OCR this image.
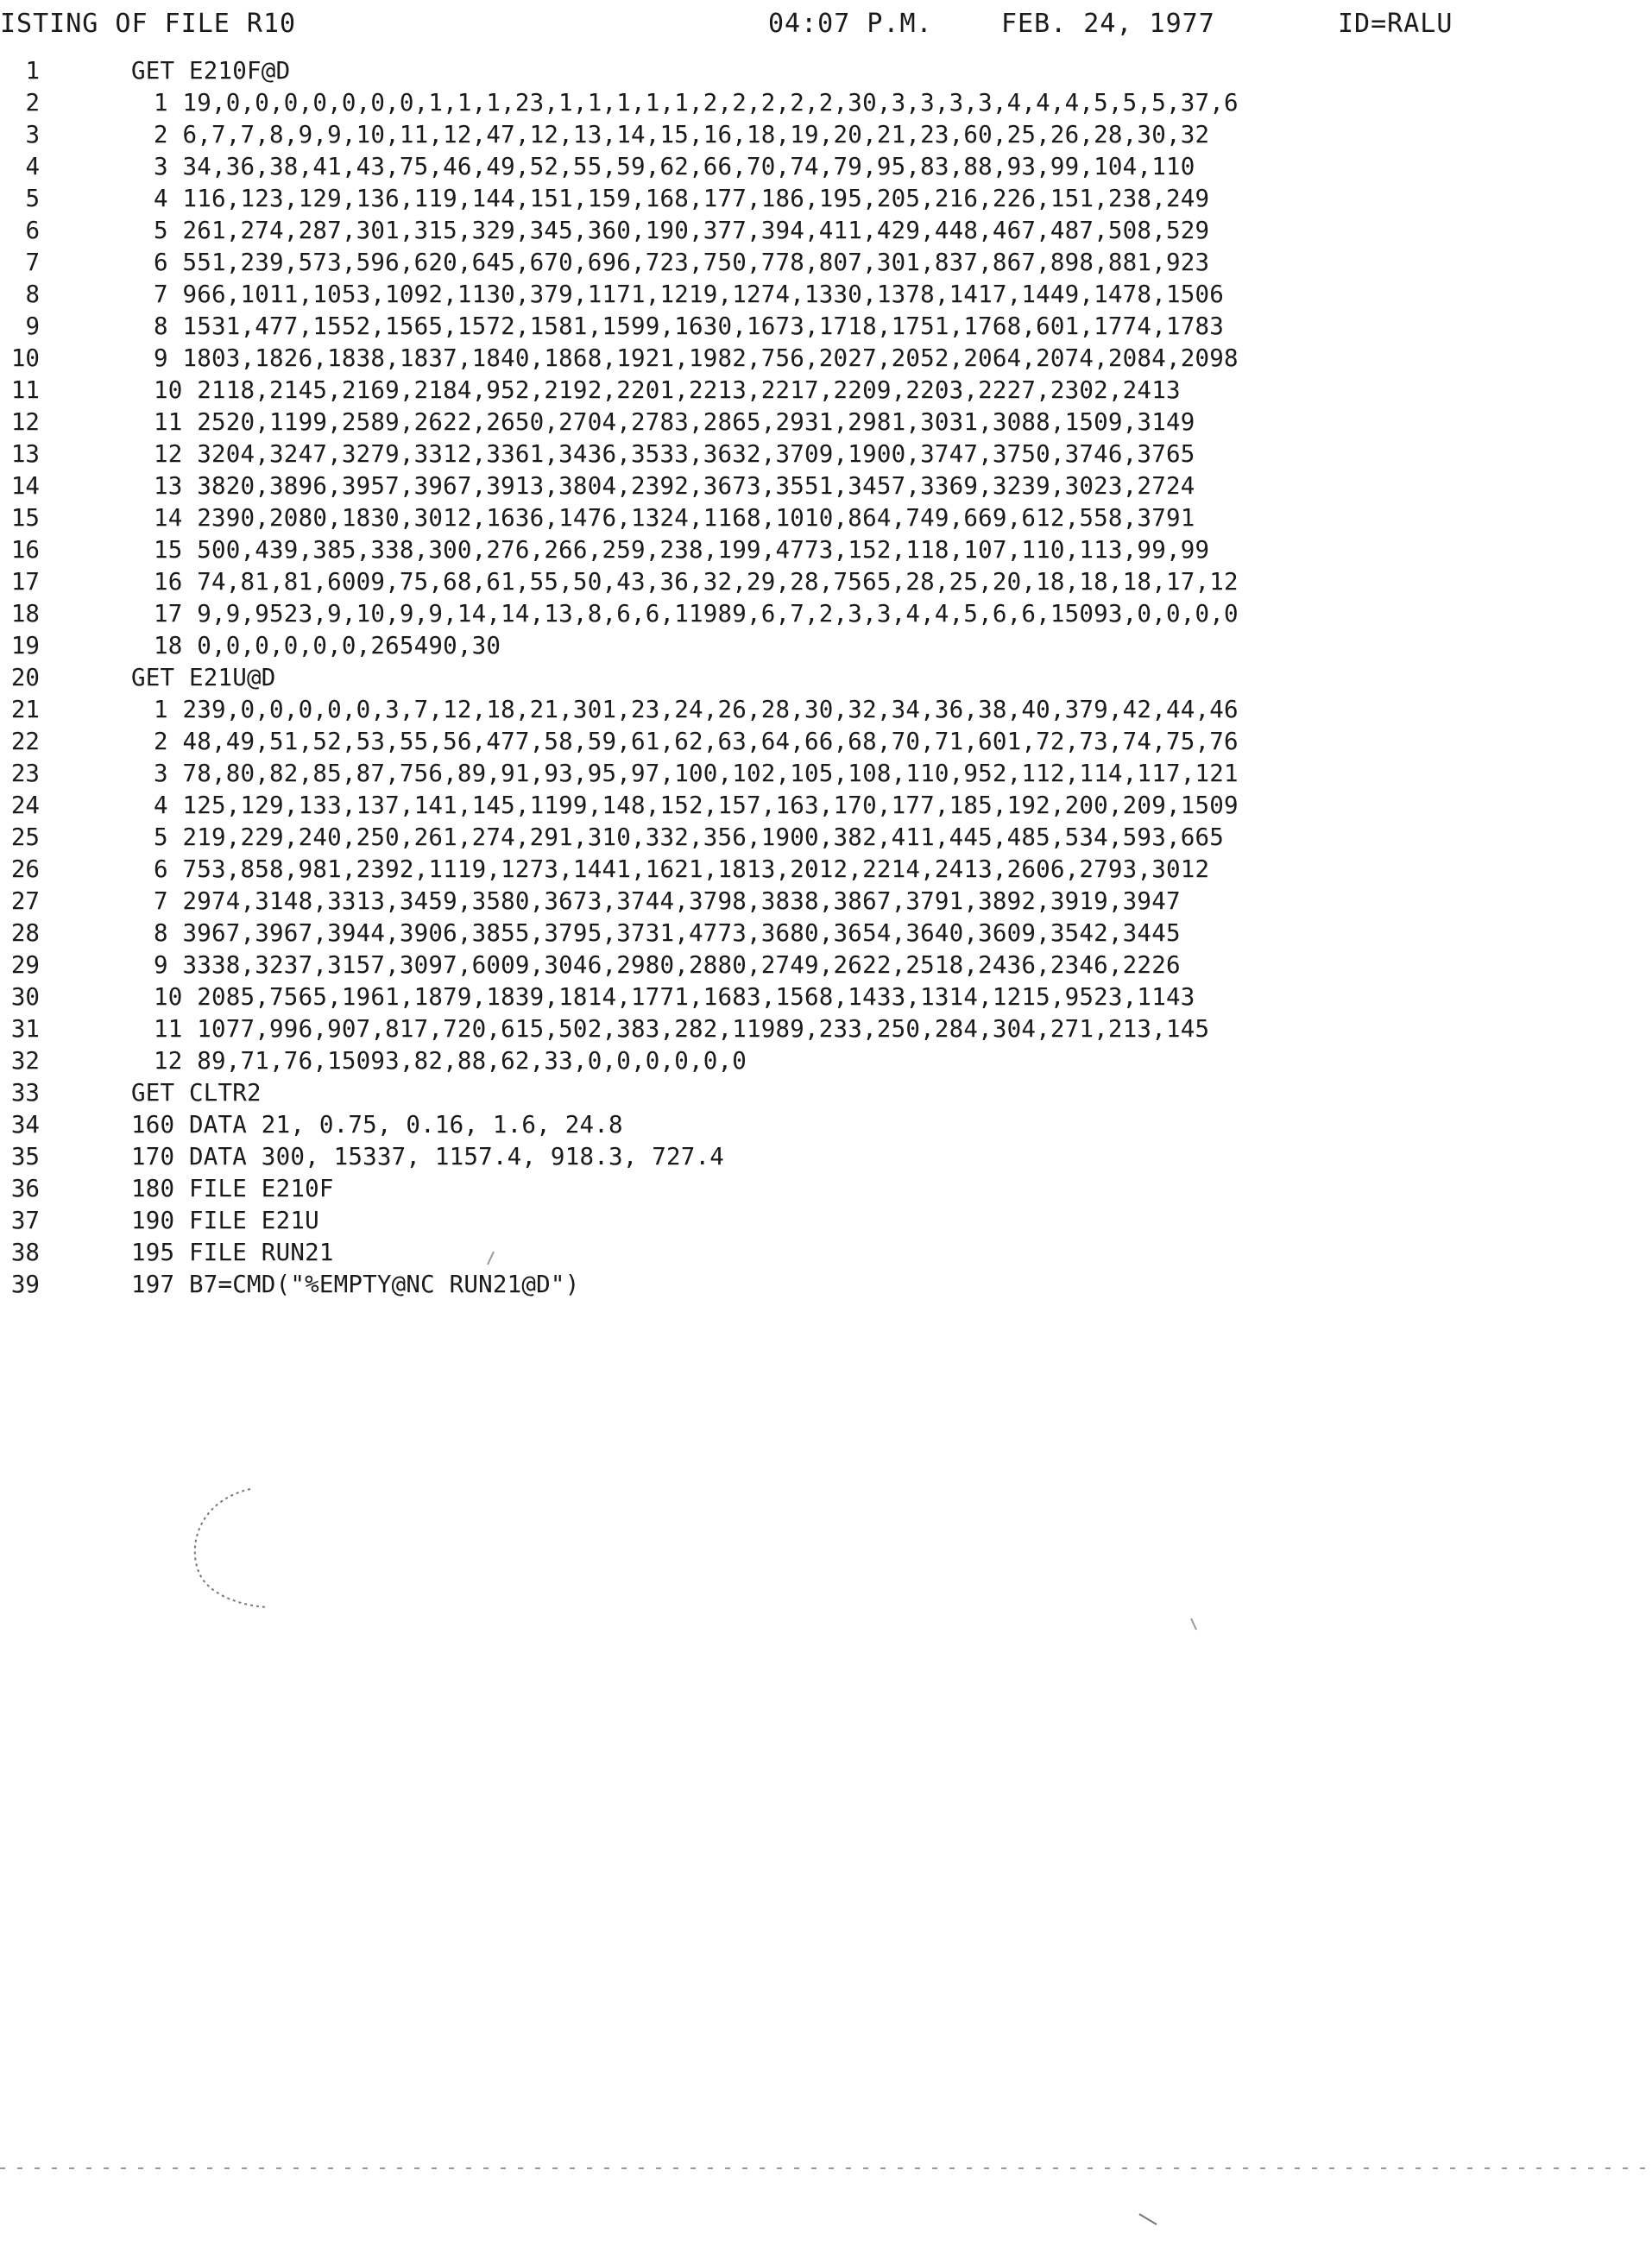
ISTING OF FILE R10

	04:07 P.M.

	FEB. 24, 1977

	ID=RALU

1	GET E210F@D
2	1 19,0,0,0,0,0,0,0,1,1,1,23,1,1,1,1,1,2,2,2,2,2,30,3,3,3,3,4,4,4,5,5,5,37,6
3	2 6,7,7,8,9,9,10,11,12,47,12,13,14,15,16,18,19,20,21,23,60,25,26,28,30,32
4	3 34,36,38,41,43,75,46,49,52,55,59,62,66,70,74,79,95,83,88,93,99,104,110
5	4 116,123,129,136,119,144,151,159,168,177,186,195,205,216,226,151,238,249
6	5 261,274,287,301,315,329,345,360,190,377,394,411,429,448,467,487,508,529
7	6 551,239,573,596,620,645,670,696,723,750,778,807,301,837,867,898,881,923
8	7 966,1011,1053,1092,1130,379,1171,1219,1274,1330,1378,1417,1449,1478,1506
9	8 1531,477,1552,1565,1572,1581,1599,1630,1673,1718,1751,1768,601,1774,1783
10	9 1803,1826,1838,1837,1840,1868,1921,1982,756,2027,2052,2064,2074,2084,2098
11	10 2118,2145,2169,2184,952,2192,2201,2213,2217,2209,2203,2227,2302,2413
12	11 2520,1199,2589,2622,2650,2704,2783,2865,2931,2981,3031,3088,1509,3149
13	12 3204,3247,3279,3312,3361,3436,3533,3632,3709,1900,3747,3750,3746,3765
14	13 3820,3896,3957,3967,3913,3804,2392,3673,3551,3457,3369,3239,3023,2724
15	14 2390,2080,1830,3012,1636,1476,1324,1168,1010,864,749,669,612,558,3791
16	15 500,439,385,338,300,276,266,259,238,199,4773,152,118,107,110,113,99,99
17	16 74,81,81,6009,75,68,61,55,50,43,36,32,29,28,7565,28,25,20,18,18,18,17,12
18	17 9,9,9523,9,10,9,9,14,14,13,8,6,6,11989,6,7,2,3,3,4,4,5,6,6,15093,0,0,0,0
19	18 0,0,0,0,0,0,265490,30
20	GET E21U@D
21	1 239,0,0,0,0,0,3,7,12,18,21,301,23,24,26,28,30,32,34,36,38,40,379,42,44,46
22	2 48,49,51,52,53,55,56,477,58,59,61,62,63,64,66,68,70,71,601,72,73,74,75,76
23	3 78,80,82,85,87,756,89,91,93,95,97,100,102,105,108,110,952,112,114,117,121
24	4 125,129,133,137,141,145,1199,148,152,157,163,170,177,185,192,200,209,1509
25	5 219,229,240,250,261,274,291,310,332,356,1900,382,411,445,485,534,593,665
26	6 753,858,981,2392,1119,1273,1441,1621,1813,2012,2214,2413,2606,2793,3012
27	7 2974,3148,3313,3459,3580,3673,3744,3798,3838,3867,3791,3892,3919,3947
28	8 3967,3967,3944,3906,3855,3795,3731,4773,3680,3654,3640,3609,3542,3445
29	9 3338,3237,3157,3097,6009,3046,2980,2880,2749,2622,2518,2436,2346,2226
30	10 2085,7565,1961,1879,1839,1814,1771,1683,1568,1433,1314,1215,9523,1143
31	11 1077,996,907,817,720,615,502,383,282,11989,233,250,284,304,271,213,145
32	12 89,71,76,15093,82,88,62,33,0,0,0,0,0,0
33	GET CLTR2
34	160 DATA 21, 0.75, 0.16, 1.6, 24.8
35	170 DATA 300, 15337, 1157.4, 918.3, 727.4
36	180 FILE E210F
37	190 FILE E21U
38	195 FILE RUN21
39	197 B7=CMD("%EMPTY@NC RUN21@D")
